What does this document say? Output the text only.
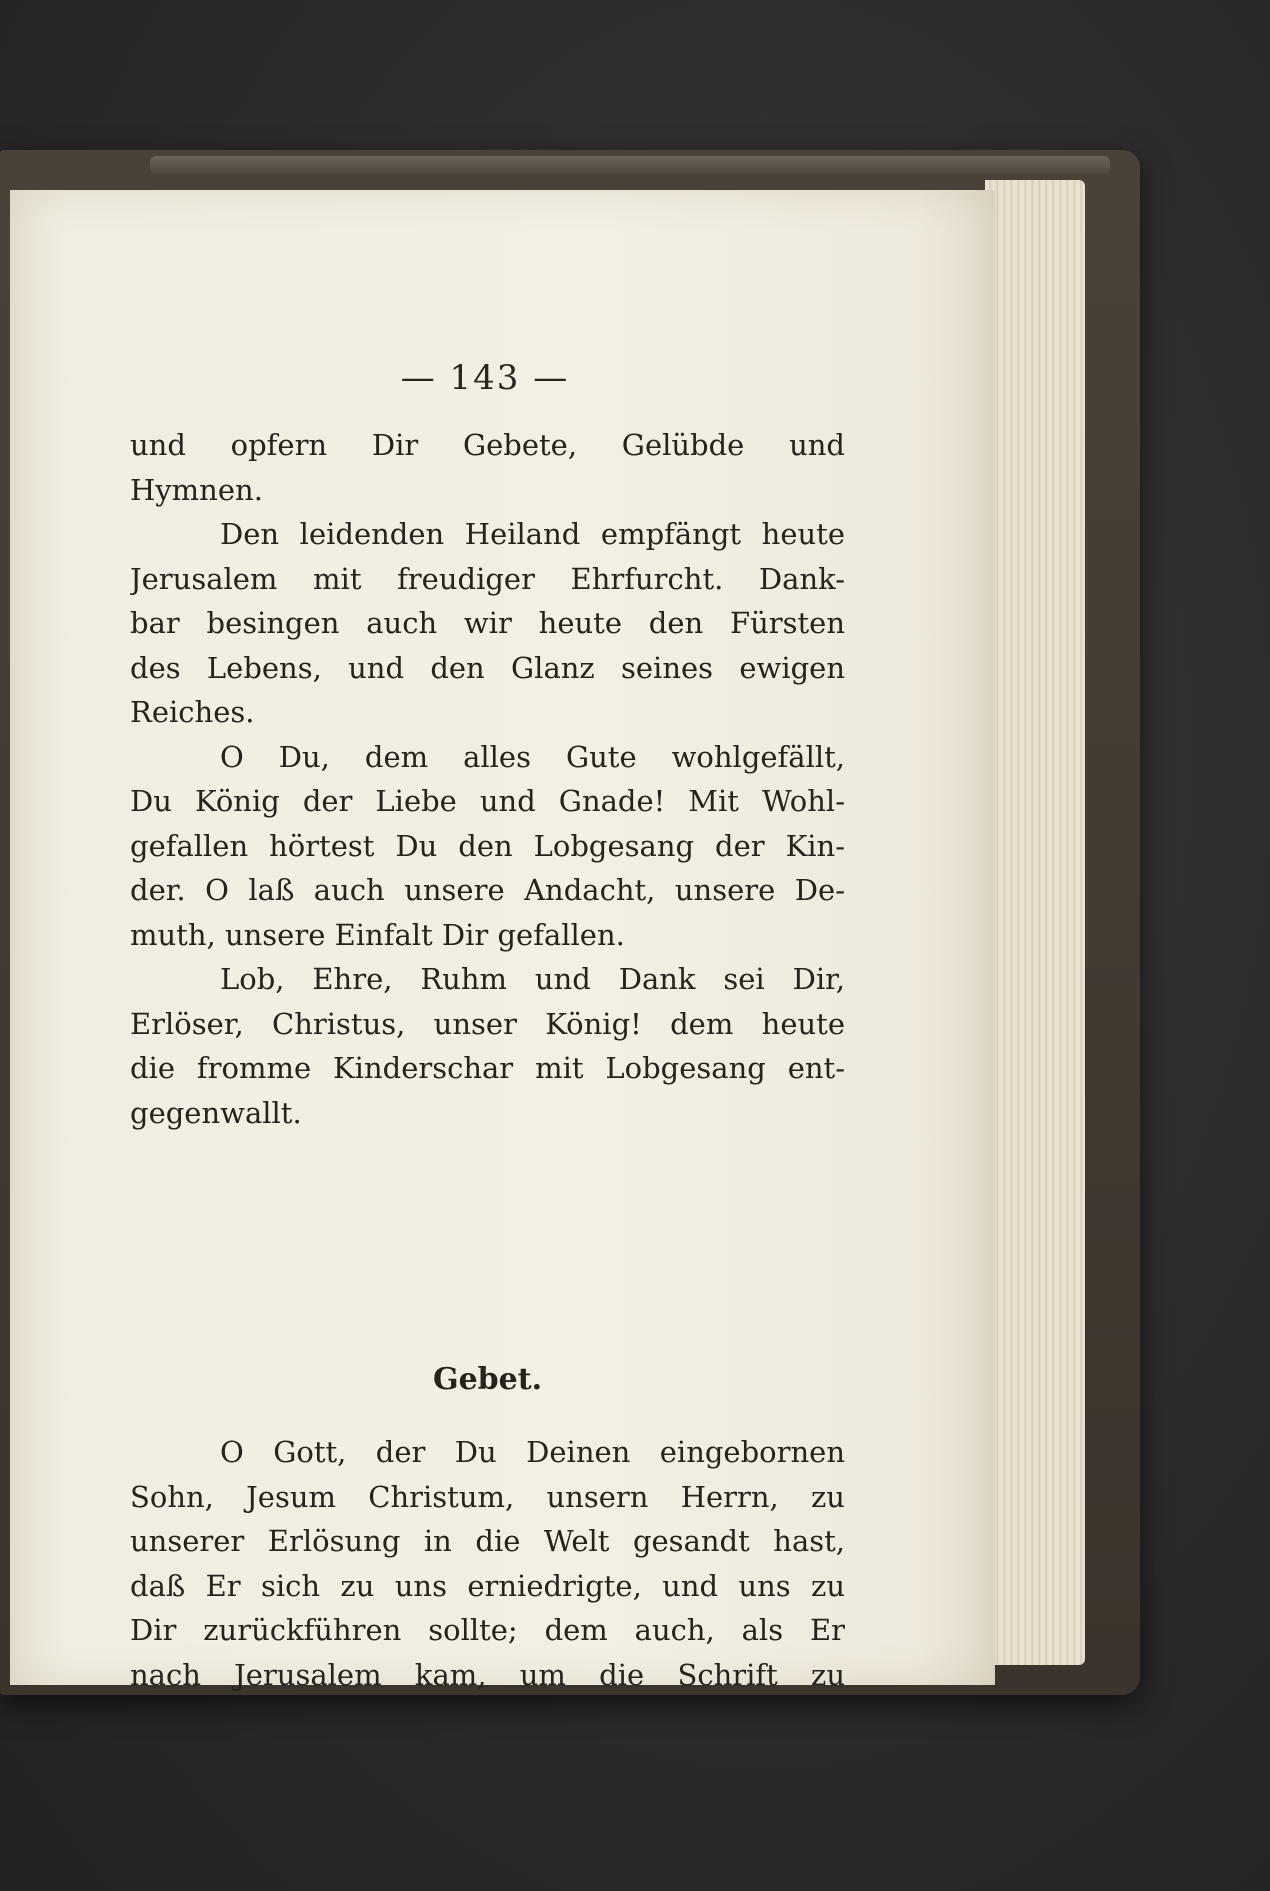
— 143 —
und opfern Dir Gebete, Gelübde und
Hymnen.
Den leidenden Heiland empfängt heute
Jerusalem mit freudiger Ehrfurcht. Dank-
bar besingen auch wir heute den Fürsten
des Lebens, und den Glanz seines ewigen
Reiches.
O Du, dem alles Gute wohlgefällt,
Du König der Liebe und Gnade! Mit Wohl-
gefallen hörtest Du den Lobgesang der Kin-
der. O laß auch unsere Andacht, unsere De-
muth, unsere Einfalt Dir gefallen.
Lob, Ehre, Ruhm und Dank sei Dir,
Erlöser, Christus, unser König! dem heute
die fromme Kinderschar mit Lobgesang ent-
gegenwallt.
Gebet.
O Gott, der Du Deinen eingebornen
Sohn, Jesum Christum, unsern Herrn, zu
unserer Erlösung in die Welt gesandt hast,
daß Er sich zu uns erniedrigte, und uns zu
Dir zurückführen sollte; dem auch, als Er
nach Jerusalem kam, um die Schrift zu
